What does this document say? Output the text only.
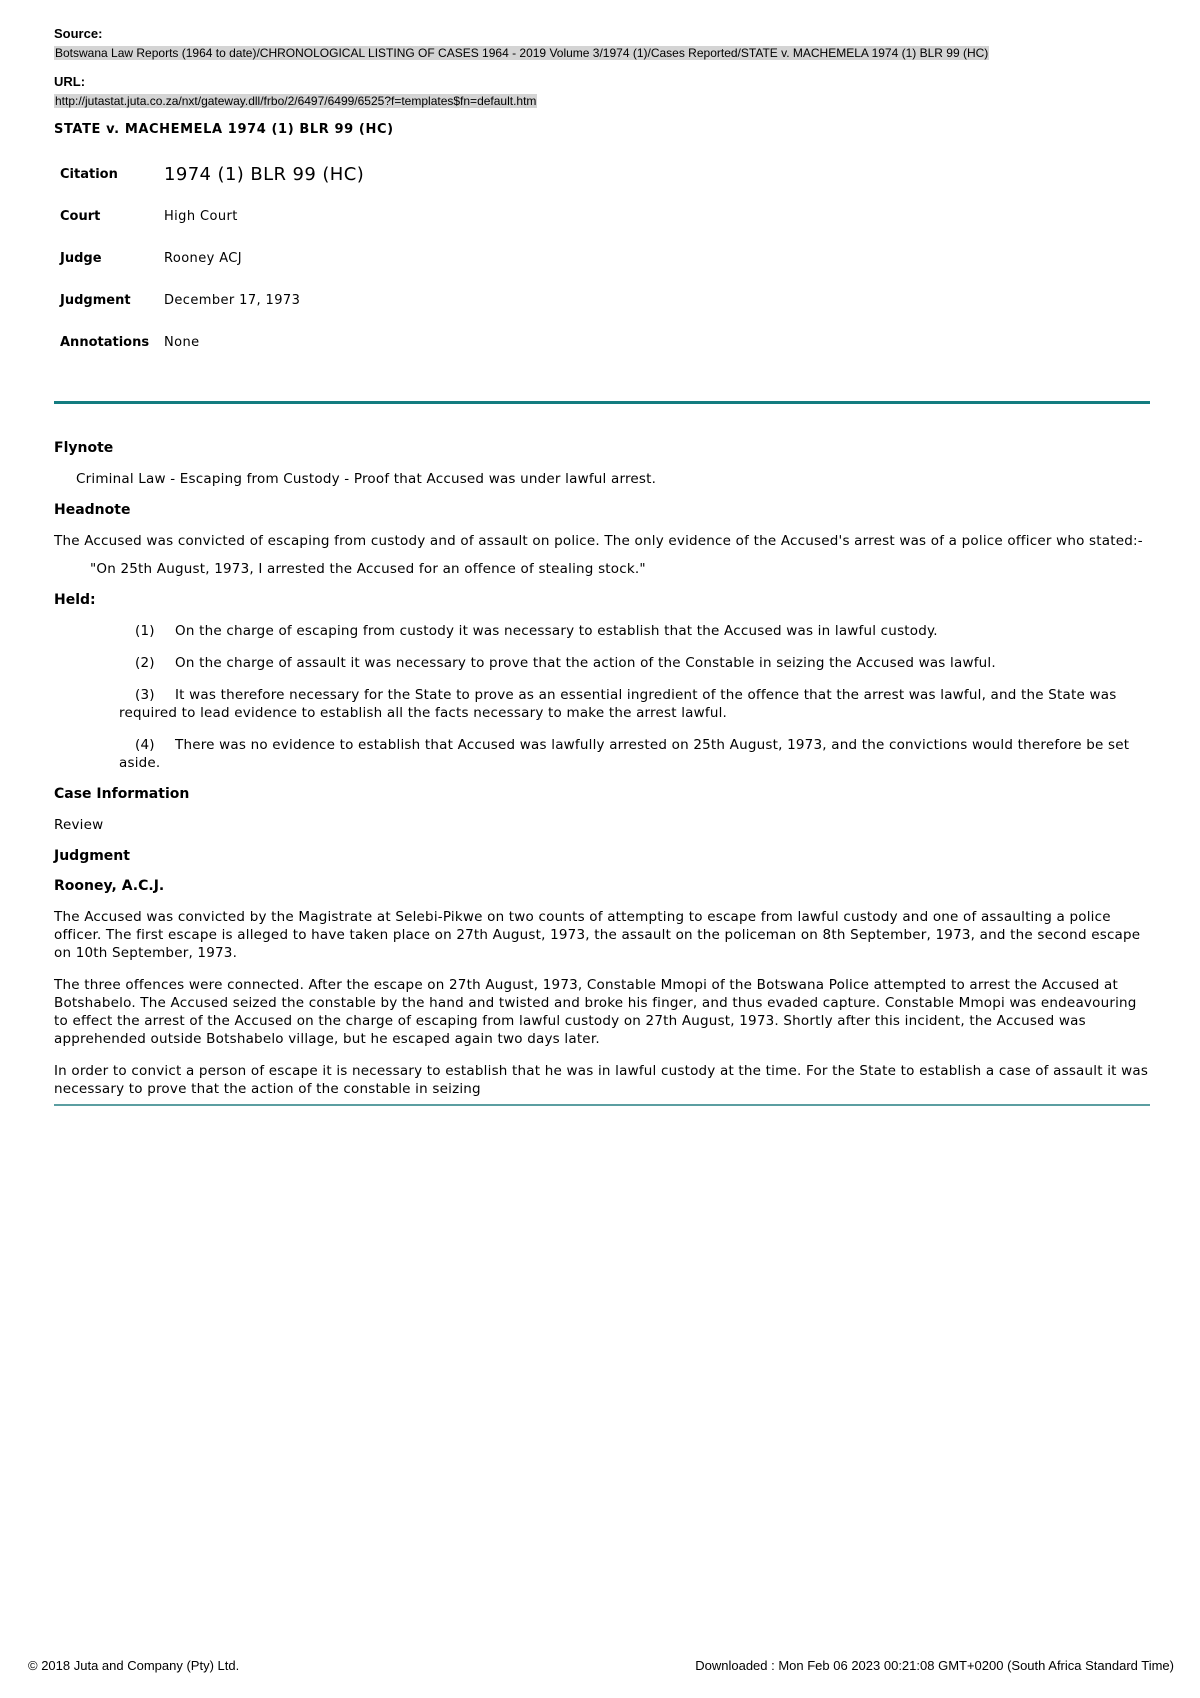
Source:
Botswana Law Reports (1964 to date)/CHRONOLOGICAL LISTING OF CASES 1964 - 2019 Volume 3/1974 (1)/Cases Reported/STATE v. MACHEMELA 1974 (1) BLR 99 (HC)
URL:
http://jutastat.juta.co.za/nxt/gateway.dll/frbo/2/6497/6499/6525?f=templates$fn=default.htm
STATE v. MACHEMELA 1974 (1) BLR 99 (HC)
Citation	1974 (1) BLR 99 (HC)
Court	High Court
Judge	Rooney ACJ
Judgment	December 17, 1973
Annotations	None
Flynote

Criminal Law - Escaping from Custody - Proof that Accused was under lawful arrest.

Headnote

The Accused was convicted of escaping from custody and of assault on police. The only evidence of the Accused's arrest was of a police officer who stated:-

"On 25th August, 1973, I arrested the Accused for an offence of stealing stock."

Held:

(1) On the charge of escaping from custody it was necessary to establish that the Accused was in lawful custody.

(2) On the charge of assault it was necessary to prove that the action of the Constable in seizing the Accused was lawful.

(3) It was therefore necessary for the State to prove as an essential ingredient of the offence that the arrest was lawful, and the State was required to lead evidence to establish all the facts necessary to make the arrest lawful.

(4) There was no evidence to establish that Accused was lawfully arrested on 25th August, 1973, and the convictions would therefore be set aside.

Case Information

Review

Judgment
Rooney, A.C.J.

The Accused was convicted by the Magistrate at Selebi-Pikwe on two counts of attempting to escape from lawful custody and one of assaulting a police officer. The first escape is alleged to have taken place on 27th August, 1973, the assault on the policeman on 8th September, 1973, and the second escape on 10th September, 1973.

The three offences were connected. After the escape on 27th August, 1973, Constable Mmopi of the Botswana Police attempted to arrest the Accused at Botshabelo. The Accused seized the constable by the hand and twisted and broke his finger, and thus evaded capture. Constable Mmopi was endeavouring to effect the arrest of the Accused on the charge of escaping from lawful custody on 27th August, 1973. Shortly after this incident, the Accused was apprehended outside Botshabelo village, but he escaped again two days later.

In order to convict a person of escape it is necessary to establish that he was in lawful custody at the time. For the State to establish a case of assault it was necessary to prove that the action of the constable in seizing

© 2018 Juta and Company (Pty) Ltd.	Downloaded : Mon Feb 06 2023 00:21:08 GMT+0200 (South Africa Standard Time)
